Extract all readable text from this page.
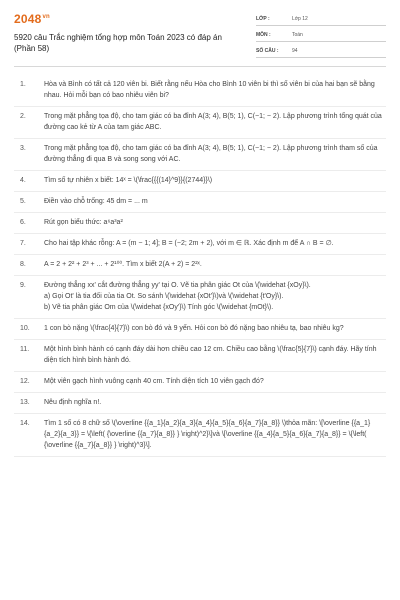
$2048^{vn}$
5920 câu Trắc nghiệm tổng hợp môn Toán 2023 có đáp án (Phần 58)
LỚP :	Lớp 12
MÔN :	Toán
SỐ CÂU :	94
1.	Hòa và Bình có tất cả 120 viên bi. Biết rằng nếu Hòa cho Bình 10 viên bi thì số viên bi của hai bạn sẽ bằng nhau. Hỏi mỗi bạn có bao nhiêu viên bi?
2.	Trong mặt phẳng tọa độ, cho tam giác có ba đỉnh A(3; 4), B(5; 1), C(−1; − 2). Lập phương trình tổng quát của đường cao kẻ từ A của tam giác ABC.
3.	Trong mặt phẳng tọa độ, cho tam giác có ba đỉnh A(3; 4), B(5; 1), C(−1; − 2). Lập phương trình tham số của đường thẳng đi qua B và song song với AC.
4.	Tìm số tự nhiên x biết: 14ˣ = \(\frac{{{(14}^9}}{(2744}}\)
5.	Điền vào chỗ trống: 45 dm = ... m
6.	Rút gọn biểu thức: a⁶a³a²
7.	Cho hai tập khác rỗng: A = (m − 1; 4]; B = (−2; 2m + 2), với m ∈ ℝ. Xác định m để A ∩ B = ∅.
8.	A = 2 + 2² + 2³ + ... + 2¹⁰⁰. Tìm x biết 2(A + 2) = 2²ˣ.
9.	Đường thẳng xx' cắt đường thẳng yy' tại O. Vẽ tia phân giác Ot của \(\widehat {xOy}\).
a) Gọi Ot' là tia đối của tia Ot. So sánh \(\widehat {xOt'}\)và \(\widehat {t'Oy}\).
b) Vẽ tia phân giác Om của \(\widehat {xOy'}\) Tính góc \(\widehat {mOt}\).
10.	1 con bò nặng \(\frac{4}{7}\) con bò đó và 9 yến. Hỏi con bò đó nặng bao nhiêu tạ, bao nhiêu kg?
11.	Một hình bình hành có cạnh đáy dài hơn chiều cao 12 cm. Chiều cao bằng \(\frac{5}{7}\) cạnh đáy. Hãy tính diện tích hình bình hành đó.
12.	Một viên gạch hình vuông cạnh 40 cm. Tính diện tích 10 viên gạch đó?
13.	Nêu định nghĩa n!.
14.	Tìm 1 số có 8 chữ số \(\overline {{a_1}{a_2}{a_3}{a_4}{a_5}{a_6}{a_7}{a_8}} \)thỏa mãn: \[\overline {{a_1}{a_2}{a_3}} = \{\left( {\overline {{a_7}{a_8}} } \right)^2}\]và \[\overline {{a_4}{a_5}{a_6}{a_7}{a_8}} = \{\left( {\overline {{a_7}{a_8}} } \right)^3}\].
